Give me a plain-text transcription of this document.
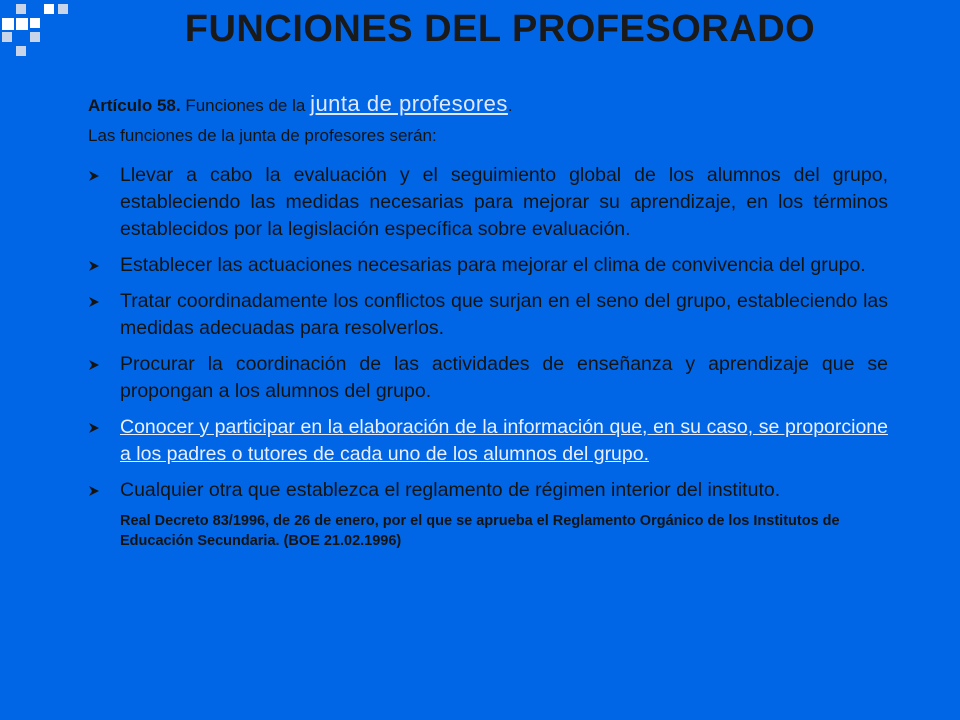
FUNCIONES DEL PROFESORADO

Artículo 58. Funciones de la junta de profesores.

Las funciones de la junta de profesores serán:

Llevar a cabo la evaluación y el seguimiento global de los alumnos del grupo, estableciendo las medidas necesarias para mejorar su aprendizaje, en los términos establecidos por la legislación específica sobre evaluación.
Establecer las actuaciones necesarias para mejorar el clima de convivencia del grupo.
Tratar coordinadamente los conflictos que surjan en el seno del grupo, estableciendo las medidas adecuadas para resolverlos.
Procurar la coordinación de las actividades de enseñanza y aprendizaje que se propongan a los alumnos del grupo.
Conocer y participar en la elaboración de la información que, en su caso, se proporcione a los padres o tutores de cada uno de los alumnos del grupo.
Cualquier otra que establezca el reglamento de régimen interior del instituto.
Real Decreto 83/1996, de 26 de enero, por el que se aprueba el Reglamento Orgánico de los Institutos de Educación Secundaria. (BOE 21.02.1996)
